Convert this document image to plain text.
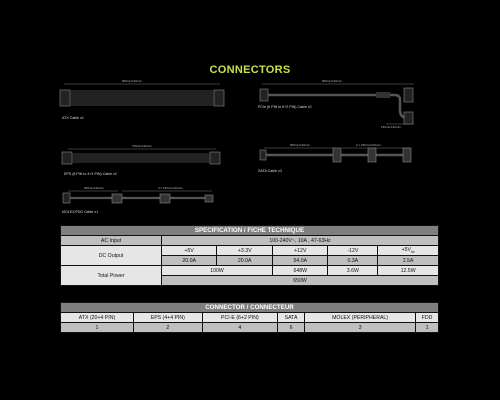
CONNECTORS
600mm±10mm
ATX Cable x1
600mm±10mm
PCIe (6 PIN to 6+2 PIN) Cable x2
150mm±10mm
750mm±10mm
EPS (8 PIN to 4+4 PIN) Cable x2
500mm±10mm	2 x 150mm±10mm
SATA Cable x3
500mm±10mm	2 x 150mm±10mm
MOLEX/FDD Cable x1
SPECIFICATION / FICHE TECHNIQUE					
AC Input	100-240V~, 10A , 47-63Hz				
DC Output	+5V	+3.3V	+12V	-12V	$+5V_{sb}$
	20.0A	20.0A	54.0A	0.3A	2.5A
Total Power	100W		648W	3.6W	12.5W
	650W				
CONNECTOR / CONNECTEUR					
ATX (20+4 PIN)	EPS (4+4 PIN)	PCI-E (6+2 PIN)	SATA	MOLEX (PERIPHERAL)	FDD
1	2	4	6	3	1
